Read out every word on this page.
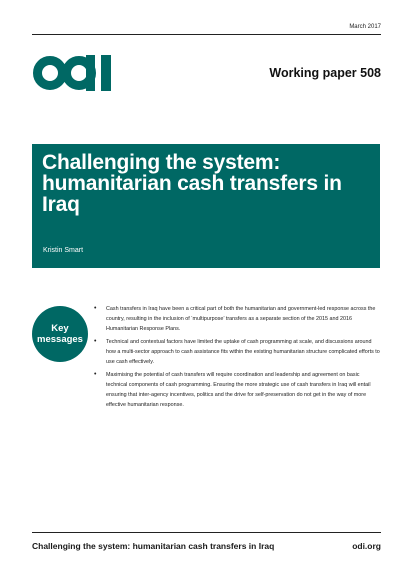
March 2017
Working paper 508
Challenging the system: humanitarian cash transfers in Iraq
Kristin Smart
Key
messages
• Cash transfers in Iraq have been a critical part of both the humanitarian and government-led response across the country, resulting in the inclusion of ‘multipurpose’ transfers as a separate section of the 2015 and 2016 Humanitarian Response Plans.
• Technical and contextual factors have limited the uptake of cash programming at scale, and discussions around how a multi-sector approach to cash assistance fits within the existing humanitarian structure complicated efforts to use cash effectively.
• Maximising the potential of cash transfers will require coordination and leadership and agreement on basic technical components of cash programming. Ensuring the more strategic use of cash transfers in Iraq will entail ensuring that inter-agency incentives, politics and the drive for self-preservation do not get in the way of more effective humanitarian response.
Challenging the system: humanitarian cash transfers in Iraq	odi.org
